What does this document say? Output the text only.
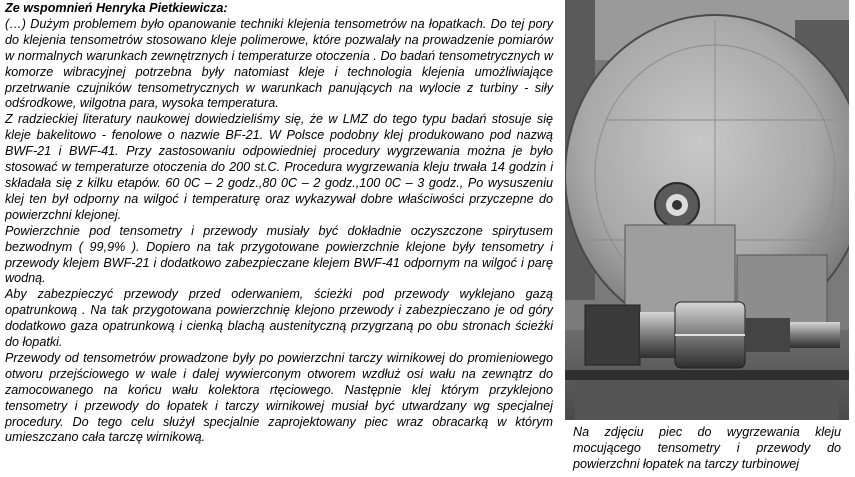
Ze wspomnień Henryka Pietkiewicza:

(…) Dużym problemem było opanowanie techniki klejenia tensometrów na łopatkach. Do tej pory do klejenia tensometrów stosowano kleje polimerowe, które pozwalały na prowadzenie pomiarów w normalnych warunkach zewnętrznych i temperaturze otoczenia . Do badań tensometrycznych w komorze wibracyjnej potrzebna były natomiast kleje i technologia klejenia umożliwiające przetrwanie czujników tensometrycznych w warunkach panujących na wylocie z turbiny - siły odśrodkowe, wilgotna para, wysoka temperatura.

Z radzieckiej literatury naukowej dowiedzieliśmy się, że w LMZ do tego typu badań stosuje się kleje bakelitowo - fenolowe o nazwie BF-21. W Polsce podobny klej produkowano pod nazwą BWF-21 i BWF-41. Przy zastosowaniu odpowiedniej procedury wygrzewania można je było stosować w temperaturze otoczenia do 200 st.C. Procedura wygrzewania kleju trwała 14 godzin i składała się z kilku etapów. 60 0C – 2 godz.,80 0C – 2 godz.,100 0C – 3 godz., Po wysuszeniu klej ten był odporny na wilgoć i temperaturę oraz wykazywał dobre właściwości przyczepne do powierzchni klejonej.

Powierzchnie pod tensometry i przewody musiały być dokładnie oczyszczone spirytusem bezwodnym ( 99,9% ). Dopiero na tak przygotowane powierzchnie klejone były tensometry i przewody klejem BWF-21 i dodatkowo zabezpieczane klejem BWF-41 odpornym na wilgoć i parę wodną.

Aby zabezpieczyć przewody przed oderwaniem, ścieżki pod przewody wyklejano gazą opatrunkową . Na tak przygotowana powierzchnię klejono przewody i zabezpieczano je od góry dodatkowo gaza opatrunkową i cienką blachą austenityczną przygrzaną po obu stronach ścieżki do łopatki.

Przewody od tensometrów prowadzone były po powierzchni tarczy wirnikowej do promieniowego otworu przejściowego w wale i dalej wywierconym otworem wzdłuż osi wału na zewnątrz do zamocowanego na końcu wału kolektora rtęciowego. Następnie klej którym przyklejono tensometry i przewody do łopatek i tarczy wirnikowej musiał być utwardzany wg specjalnej procedury. Do tego celu służył specjalnie zaprojektowany piec wraz obracarką w którym umieszczano cała tarczę wirnikową.	Na zdjęciu piec do wygrzewania kleju mocującego tensometry i przewody do powierzchni łopatek na tarczy turbinowej
